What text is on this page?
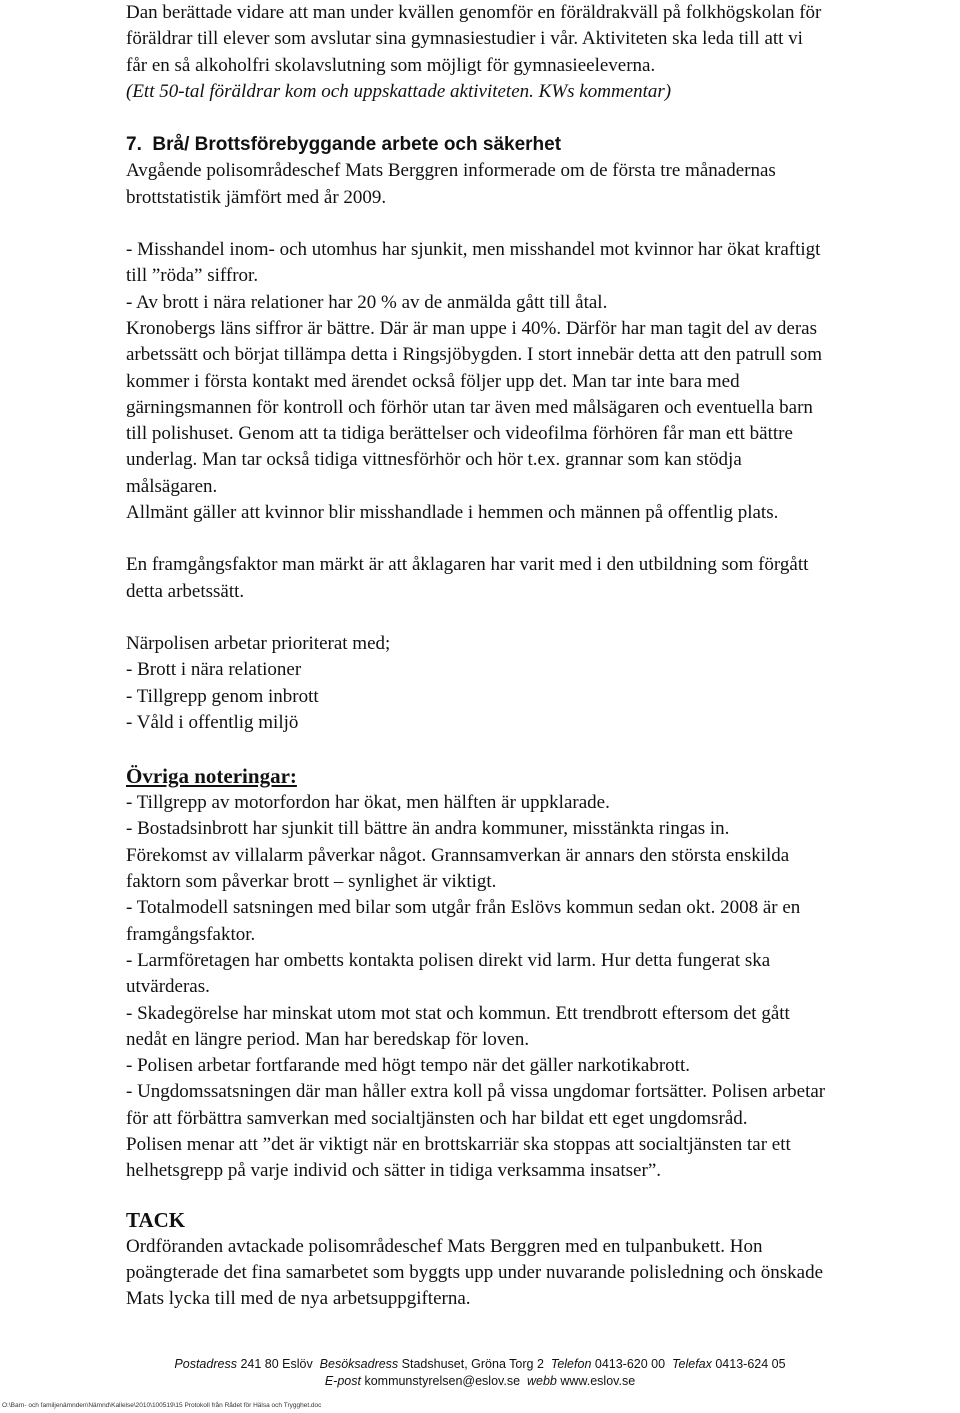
Dan berättade vidare att man under kvällen genomför en föräldrakväll på folkhögskolan för
föräldrar till elever som avslutar sina gymnasiestudier i vår. Aktiviteten ska leda till att vi
får en så alkoholfri skolavslutning som möjligt för gymnasieeleverna.
(Ett 50-tal föräldrar kom och uppskattade aktiviteten. KWs kommentar)

7. Brå/ Brottsförebyggande arbete och säkerhet

Avgående polisområdeschef Mats Berggren informerade om de första tre månadernas
brottstatistik jämfört med år 2009.

- Misshandel inom- och utomhus har sjunkit, men misshandel mot kvinnor har ökat kraftigt
till ”röda” siffror.
- Av brott i nära relationer har 20 % av de anmälda gått till åtal.
Kronobergs läns siffror är bättre. Där är man uppe i 40%. Därför har man tagit del av deras
arbetssätt och börjat tillämpa detta i Ringsjöbygden. I stort innebär detta att den patrull som
kommer i första kontakt med ärendet också följer upp det. Man tar inte bara med
gärningsmannen för kontroll och förhör utan tar även med målsägaren och eventuella barn
till polishuset. Genom att ta tidiga berättelser och videofilma förhören får man ett bättre
underlag. Man tar också tidiga vittnesförhör och hör t.ex. grannar som kan stödja
målsägaren.
Allmänt gäller att kvinnor blir misshandlade i hemmen och männen på offentlig plats.

En framgångsfaktor man märkt är att åklagaren har varit med i den utbildning som förgått
detta arbetssätt.

Närpolisen arbetar prioriterat med;
- Brott i nära relationer
- Tillgrepp genom inbrott
- Våld i offentlig miljö

Övriga noteringar:

- Tillgrepp av motorfordon har ökat, men hälften är uppklarade.
- Bostadsinbrott har sjunkit till bättre än andra kommuner, misstänkta ringas in.
Förekomst av villalarm påverkar något. Grannsamverkan är annars den största enskilda
faktorn som påverkar brott – synlighet är viktigt.
- Totalmodell satsningen med bilar som utgår från Eslövs kommun sedan okt. 2008 är en
framgångsfaktor.
- Larmföretagen har ombetts kontakta polisen direkt vid larm. Hur detta fungerat ska
utvärderas.
- Skadegörelse har minskat utom mot stat och kommun. Ett trendbrott eftersom det gått
nedåt en längre period. Man har beredskap för loven.
- Polisen arbetar fortfarande med högt tempo när det gäller narkotikabrott.
- Ungdomssatsningen där man håller extra koll på vissa ungdomar fortsätter. Polisen arbetar
för att förbättra samverkan med socialtjänsten och har bildat ett eget ungdomsråd.
Polisen menar att ”det är viktigt när en brottskarriär ska stoppas att socialtjänsten tar ett
helhetsgrepp på varje individ och sätter in tidiga verksamma insatser”.

TACK

Ordföranden avtackade polisområdeschef Mats Berggren med en tulpanbukett. Hon
poängterade det fina samarbetet som byggts upp under nuvarande polisledning och önskade
Mats lycka till med de nya arbetsuppgifterna.

Postadress 241 80 Eslöv Besöksadress Stadshuset, Gröna Torg 2 Telefon 0413-620 00 Telefax 0413-624 05
E-post kommunstyrelsen@eslov.se webb www.eslov.se
O:\Barn- och familjenämnden\Nämnd\Kallelse\2010\100519\15 Protokoll från Rådet för Hälsa och Trygghet.doc
